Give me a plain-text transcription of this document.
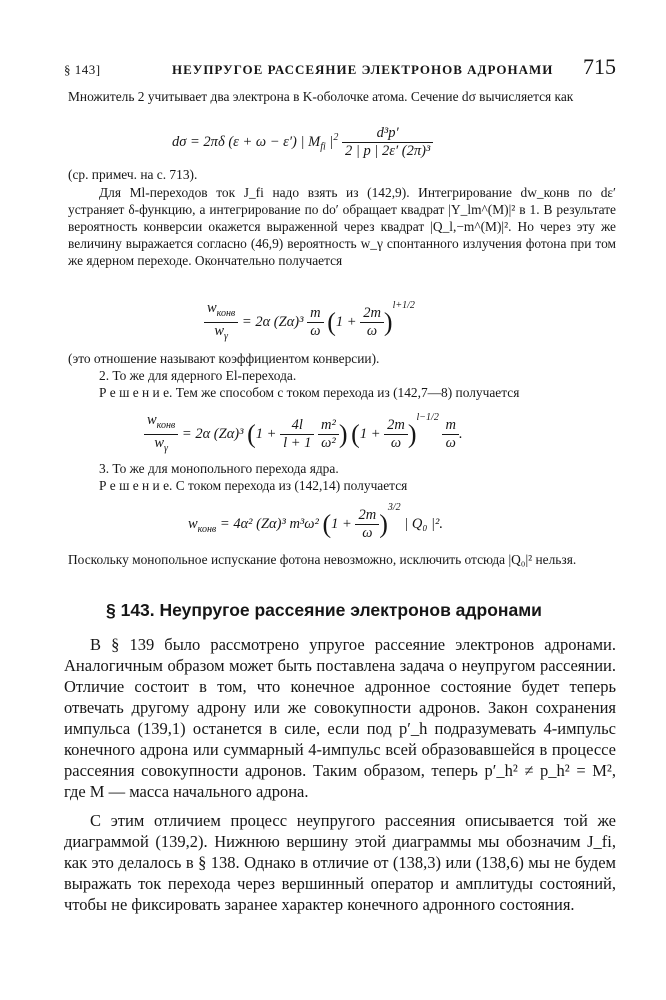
§ 143]	НЕУПРУГОЕ РАССЕЯНИЕ ЭЛЕКТРОНОВ АДРОНАМИ 715

Множитель 2 учитывает два электрона в K-оболочке атома. Сечение dσ вычисляется как

dσ = 2πδ (ε + ω − ε′) | $M_{fi}$ $|^2 \frac{\text{d³p′}}{\text{2 | p | 2ε′ (2π)³}}$

(ср. примеч. на с. 713).

Для Ml-переходов ток J_fi надо взять из (142,9). Интегрирование dw_конв по dε′ устраняет δ-функцию, а интегрирование по do′ обращает квадрат |Y_lm^(M)|² в 1. В результате вероятность конверсии окажется выраженной через квадрат |Q_l,−m^(M)|². Но через эту же величину выражается согласно (46,9) вероятность w_γ спонтанного излучения фотона при том же ядерном переходе. Окончательно получается

$\frac{w_{конв}}{w_\gamma} = 2\alpha$ $(Z\alpha)^3 \frac{m}{\omega} (1 + \frac{2m}{\omega} )^{l+1/2}$

(это отношение называют коэффициентом конверсии).

2. То же для ядерного El-перехода.

Р е ш е н и е. Тем же способом с током перехода из (142,7—8) получается

$\frac{w_{конв}}{w_\gamma} = 2\alpha$ (Zα)³ ($1 + \frac{4l}{l + 1}$
$\frac{\text{m²}}{\text{ω²}}$ ) $(1 + \frac{2m}{\omega} )^{l-1/2} \frac{m}{\omega}$ .

3. То же для монопольного перехода ядра.

Р е ш е н и е. С током перехода из (142,14) получается

$w_{конв} = 4\alpha^2$ (Zα)³ m³ω² $(1 + \frac{2m}{\omega} )^{3/2}$ | Q₀ |².

Поскольку монопольное испускание фотона невозможно, исключить отсюда |Q₀|² нельзя.

§ 143. Неупругое рассеяние электронов адронами

В § 139 было рассмотрено упругое рассеяние электронов адронами. Аналогичным образом может быть поставлена задача о неупругом рассеянии. Отличие состоит в том, что конечное адронное состояние будет теперь отвечать другому адрону или же совокупности адронов. Закон сохранения импульса (139,1) останется в силе, если под p′_h подразумевать 4-импульс конечного адрона или суммарный 4-импульс всей образовавшейся в процессе рассеяния совокупности адронов. Таким образом, теперь p′_h² ≠ p_h² = M², где M — масса начального адрона.

С этим отличием процесс неупругого рассеяния описывается той же диаграммой (139,2). Нижнюю вершину этой диаграммы мы обозначим J_fi, как это делалось в § 138. Однако в отличие от (138,3) или (138,6) мы не будем выражать ток перехода через вершинный оператор и амплитуды состояний, чтобы не фиксировать заранее характер конечного адронного состояния.
